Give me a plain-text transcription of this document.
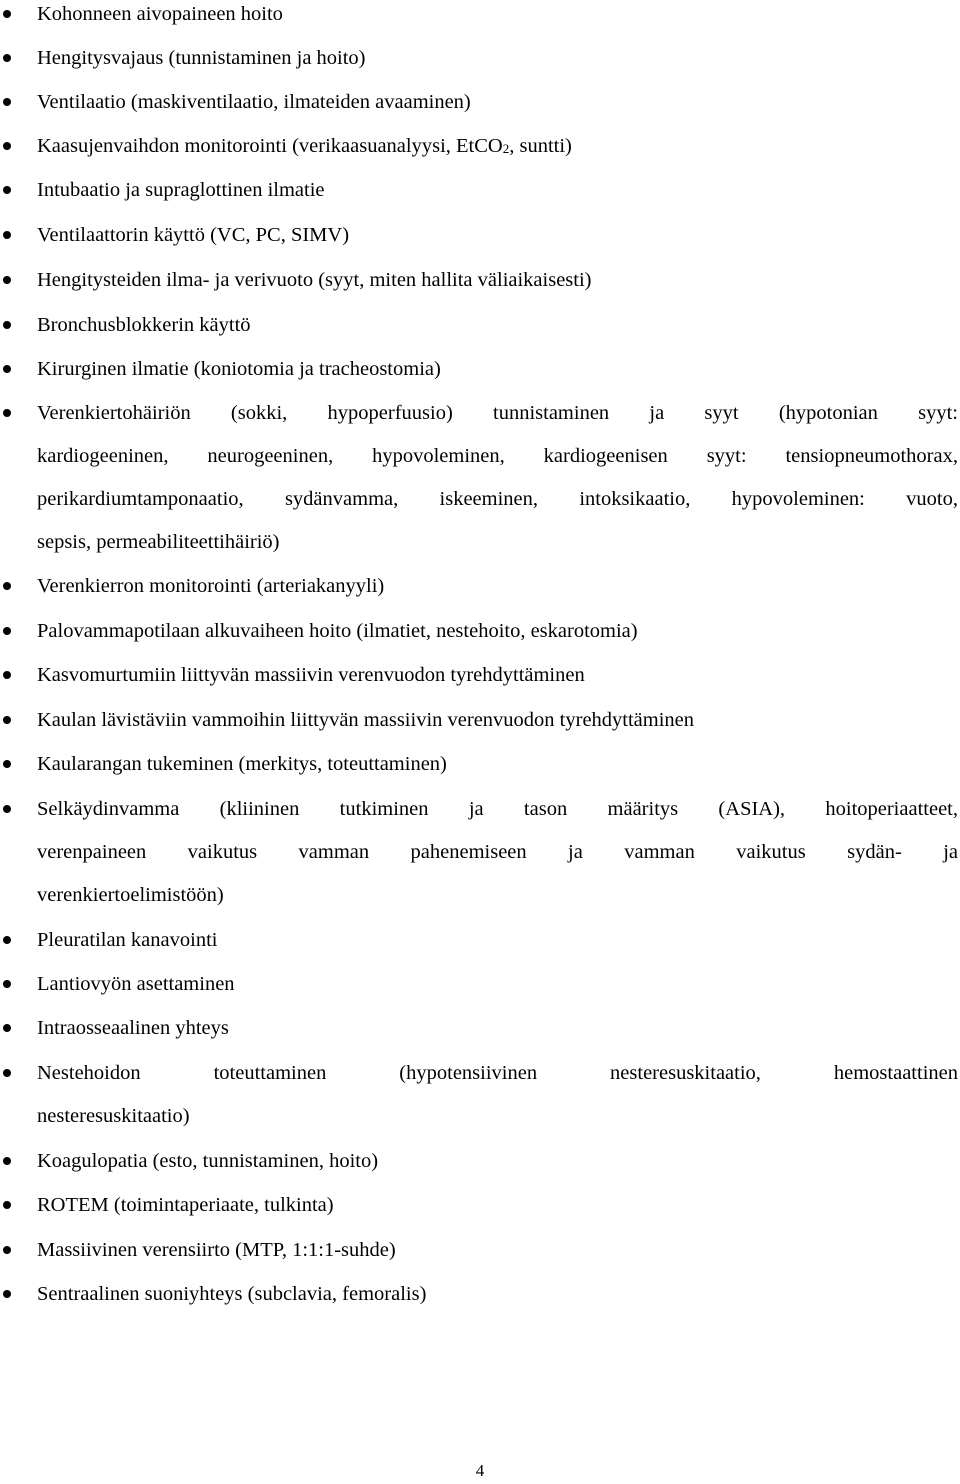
Kohonneen aivopaineen hoito
Hengitysvajaus (tunnistaminen ja hoito)
Ventilaatio (maskiventilaatio, ilmateiden avaaminen)
Kaasujenvaihdon monitorointi (verikaasuanalyysi, EtCO2, suntti)
Intubaatio ja supraglottinen ilmatie
Ventilaattorin käyttö (VC, PC, SIMV)
Hengitysteiden ilma- ja verivuoto (syyt, miten hallita väliaikaisesti)
Bronchusblokkerin käyttö
Kirurginen ilmatie (koniotomia ja tracheostomia)
Verenkiertohäiriön (sokki, hypoperfuusio) tunnistaminen ja syyt (hypotonian syyt:
kardiogeeninen, neurogeeninen, hypovoleminen, kardiogeenisen syyt: tensiopneumothorax,
perikardiumtamponaatio, sydänvamma, iskeeminen, intoksikaatio, hypovoleminen: vuoto,
sepsis, permeabiliteettihäiriö)
Verenkierron monitorointi (arteriakanyyli)
Palovammapotilaan alkuvaiheen hoito (ilmatiet, nestehoito, eskarotomia)
Kasvomurtumiin liittyvän massiivin verenvuodon tyrehdyttäminen
Kaulan lävistäviin vammoihin liittyvän massiivin verenvuodon tyrehdyttäminen
Kaularangan tukeminen (merkitys, toteuttaminen)
Selkäydinvamma (kliininen tutkiminen ja tason määritys (ASIA), hoitoperiaatteet,
verenpaineen vaikutus vamman pahenemiseen ja vamman vaikutus sydän- ja
verenkiertoelimistöön)
Pleuratilan kanavointi
Lantiovyön asettaminen
Intraosseaalinen yhteys
Nestehoidon toteuttaminen (hypotensiivinen nesteresuskitaatio, hemostaattinen
nesteresuskitaatio)
Koagulopatia (esto, tunnistaminen, hoito)
ROTEM (toimintaperiaate, tulkinta)
Massiivinen verensiirto (MTP, 1:1:1-suhde)
Sentraalinen suoniyhteys (subclavia, femoralis)
4
